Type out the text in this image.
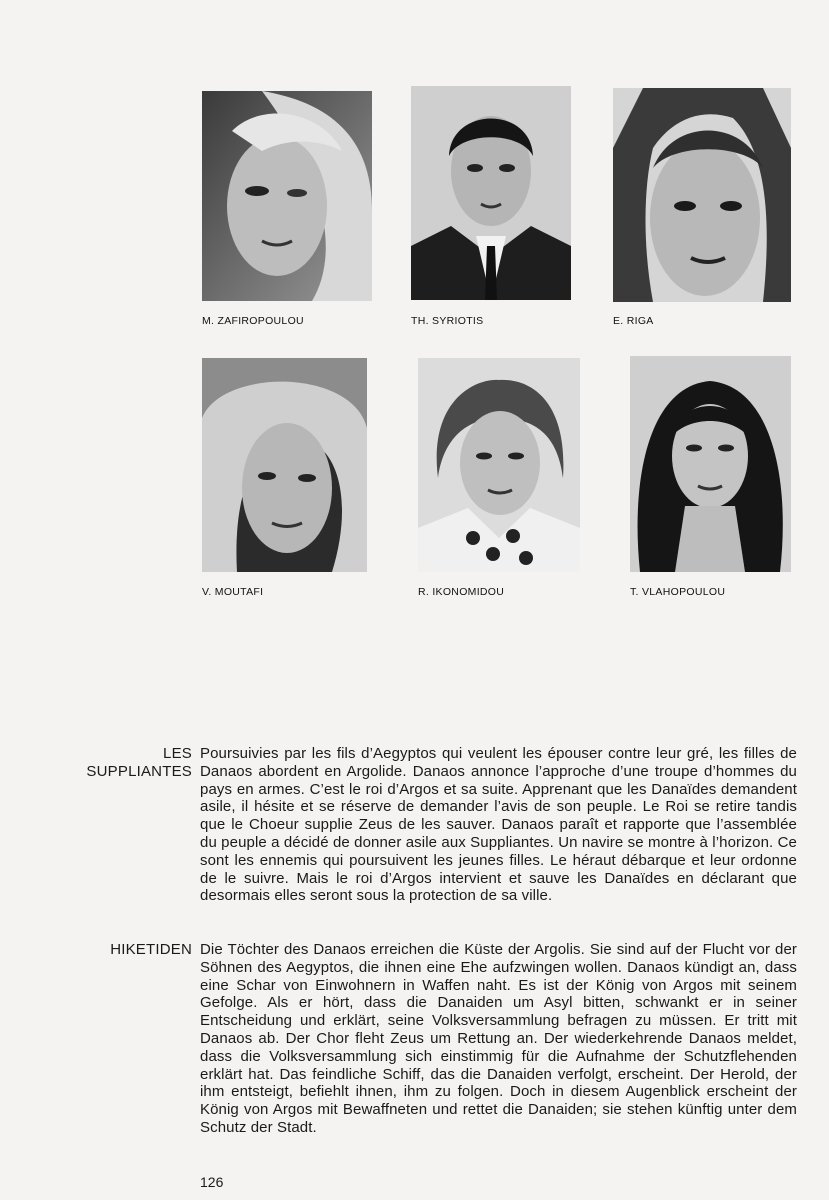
M. ZAFIROPOULOU	TH. SYRIOTIS	E. RIGA
V. MOUTAFI	R. IKONOMIDOU	T. VLAHOPOULOU
LES
SUPPLIANTES
Poursuivies par les fils d’Aegyptos qui veulent les épouser contre leur gré, les filles de Danaos abordent en Argolide. Danaos annonce l’approche d’une troupe d’hommes du pays en armes. C’est le roi d’Argos et sa suite. Apprenant que les Danaïdes demandent asile, il hésite et se réserve de demander l’avis de son peuple. Le Roi se retire tandis que le Choeur supplie Zeus de les sauver. Danaos paraît et rapporte que l’assemblée du peuple a décidé de donner asile aux Suppliantes. Un navire se montre à l’horizon. Ce sont les ennemis qui poursuivent les jeunes filles. Le héraut débarque et leur ordonne de le suivre. Mais le roi d’Argos intervient et sauve les Danaïdes en déclarant que desormais elles seront sous la protection de sa ville.
HIKETIDEN Die Töchter des Danaos erreichen die Küste der Argolis. Sie sind auf der Flucht vor der Söhnen des Aegyptos, die ihnen eine Ehe aufzwingen wollen. Danaos kündigt an, dass eine Schar von Einwohnern in Waffen naht. Es ist der König von Argos mit seinem Gefolge. Als er hört, dass die Danaiden um Asyl bitten, schwankt er in seiner Entscheidung und erklärt, seine Volksversammlung befragen zu müssen. Er tritt mit Danaos ab. Der Chor fleht Zeus um Rettung an. Der wiederkehrende Danaos meldet, dass die Volksversammlung sich einstimmig für die Aufnahme der Schutzflehenden erklärt hat. Das feindliche Schiff, das die Danaiden verfolgt, erscheint. Der Herold, der ihm entsteigt, befiehlt ihnen, ihm zu folgen. Doch in diesem Augenblick erscheint der König von Argos mit Bewaffneten und rettet die Danaiden; sie stehen künftig unter dem Schutz der Stadt.
126
